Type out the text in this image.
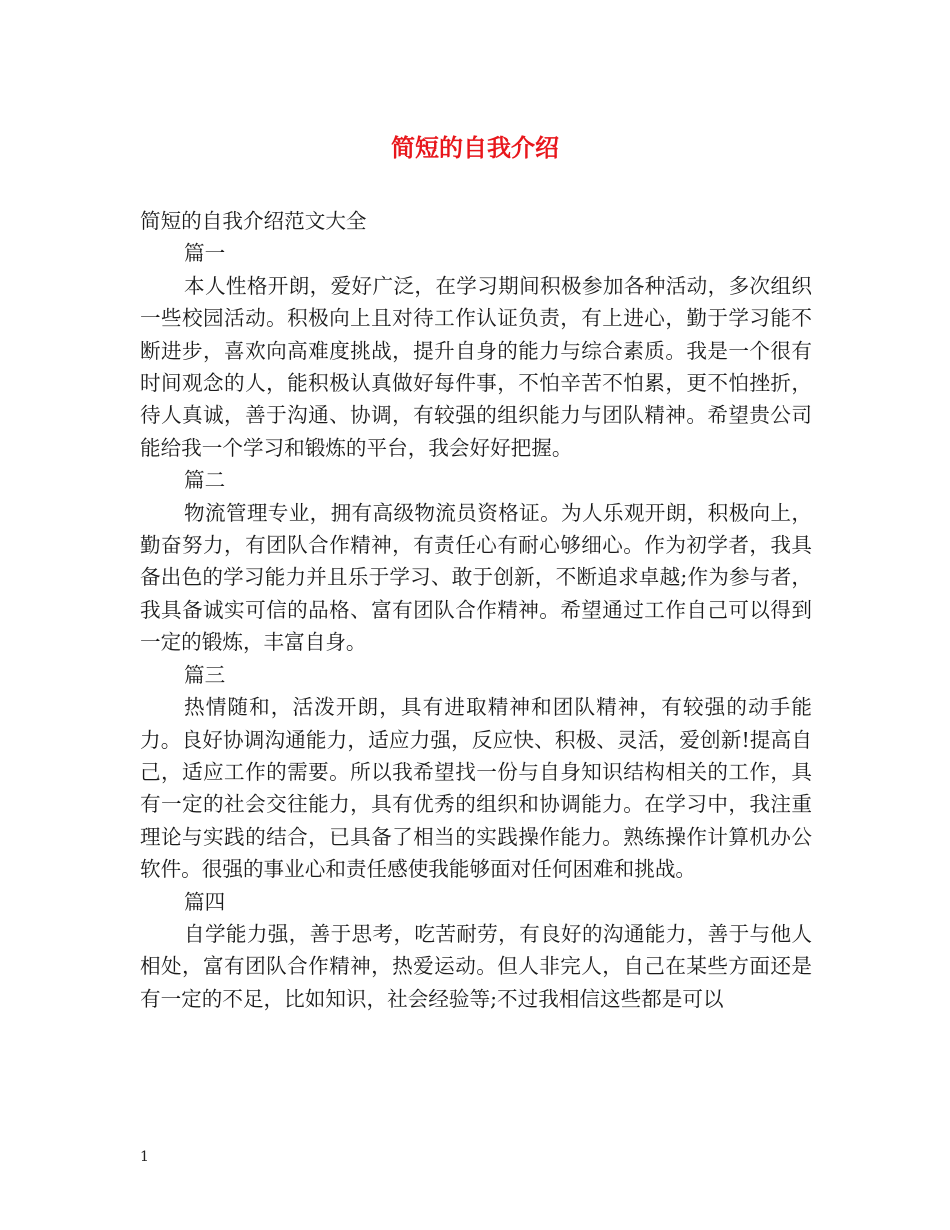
简短的自我介绍

简短的自我介绍范文大全

篇一

本人性格开朗，爱好广泛，在学习期间积极参加各种活动，多次组织一些校园活动。积极向上且对待工作认证负责，有上进心，勤于学习能不断进步，喜欢向高难度挑战，提升自身的能力与综合素质。我是一个很有时间观念的人，能积极认真做好每件事，不怕辛苦不怕累，更不怕挫折，待人真诚，善于沟通、协调，有较强的组织能力与团队精神。希望贵公司能给我一个学习和锻炼的平台，我会好好把握。

篇二

物流管理专业，拥有高级物流员资格证。为人乐观开朗，积极向上，勤奋努力，有团队合作精神，有责任心有耐心够细心。作为初学者，我具备出色的学习能力并且乐于学习、敢于创新，不断追求卓越;作为参与者，我具备诚实可信的品格、富有团队合作精神。希望通过工作自己可以得到一定的锻炼，丰富自身。

篇三

热情随和，活泼开朗，具有进取精神和团队精神，有较强的动手能力。良好协调沟通能力，适应力强，反应快、积极、灵活，爱创新!提高自己，适应工作的需要。所以我希望找一份与自身知识结构相关的工作，具有一定的社会交往能力，具有优秀的组织和协调能力。在学习中，我注重理论与实践的结合，已具备了相当的实践操作能力。熟练操作计算机办公软件。很强的事业心和责任感使我能够面对任何困难和挑战。

篇四

自学能力强，善于思考，吃苦耐劳，有良好的沟通能力，善于与他人相处，富有团队合作精神，热爱运动。但人非完人，自己在某些方面还是有一定的不足，比如知识，社会经验等;不过我相信这些都是可以

1
